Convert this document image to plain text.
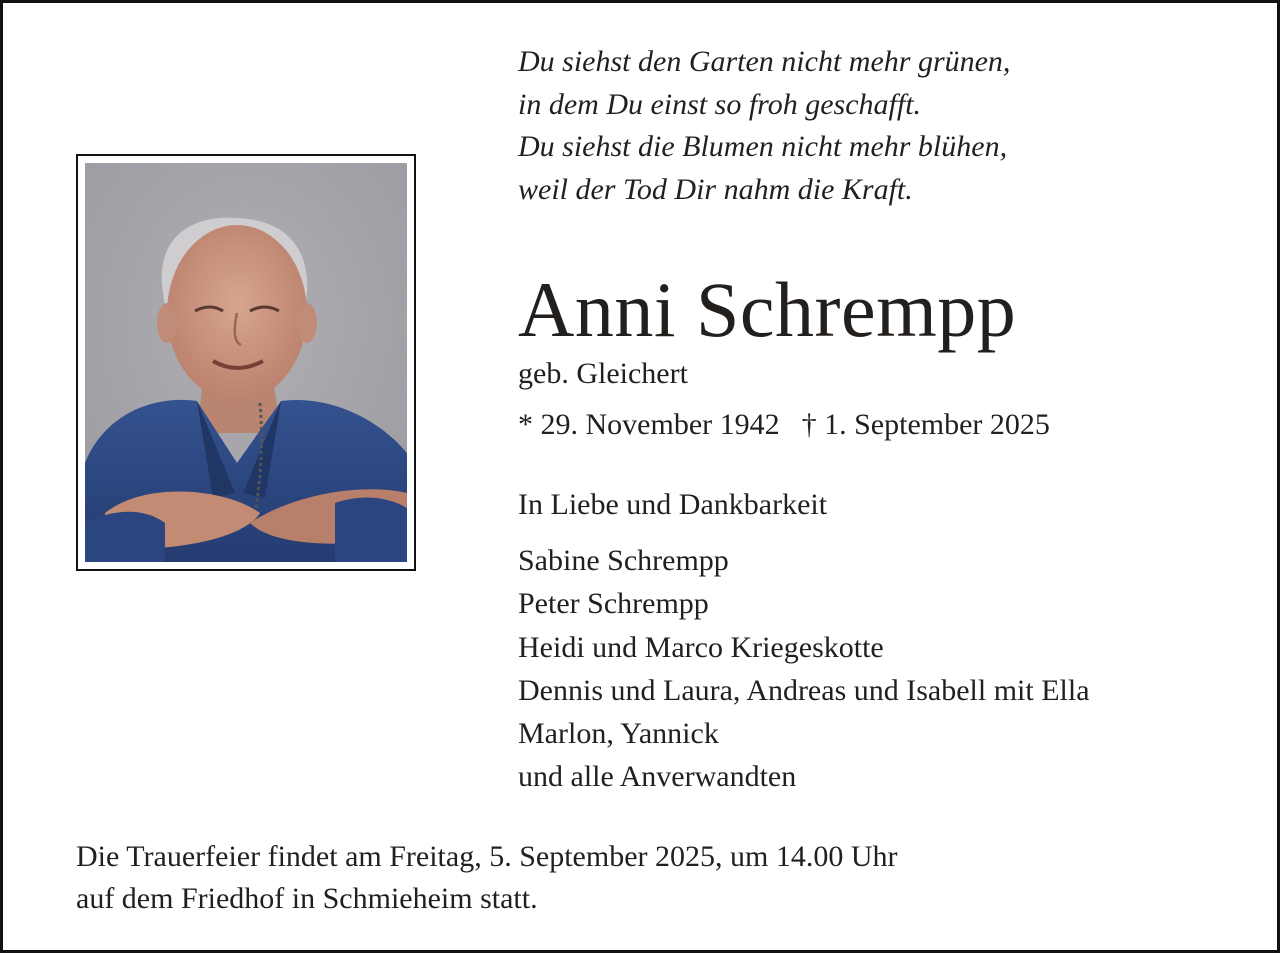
Du siehst den Garten nicht mehr grünen,
in dem Du einst so froh geschafft.
Du siehst die Blumen nicht mehr blühen,
weil der Tod Dir nahm die Kraft.
Anni Schrempp
geb. Gleichert
* 29. November 1942 † 1. September 2025
In Liebe und Dankbarkeit
Sabine Schrempp
Peter Schrempp
Heidi und Marco Kriegeskotte
Dennis und Laura, Andreas und Isabell mit Ella
Marlon, Yannick
und alle Anverwandten
Die Trauerfeier findet am Freitag, 5. September 2025, um 14.00 Uhr
auf dem Friedhof in Schmieheim statt.
